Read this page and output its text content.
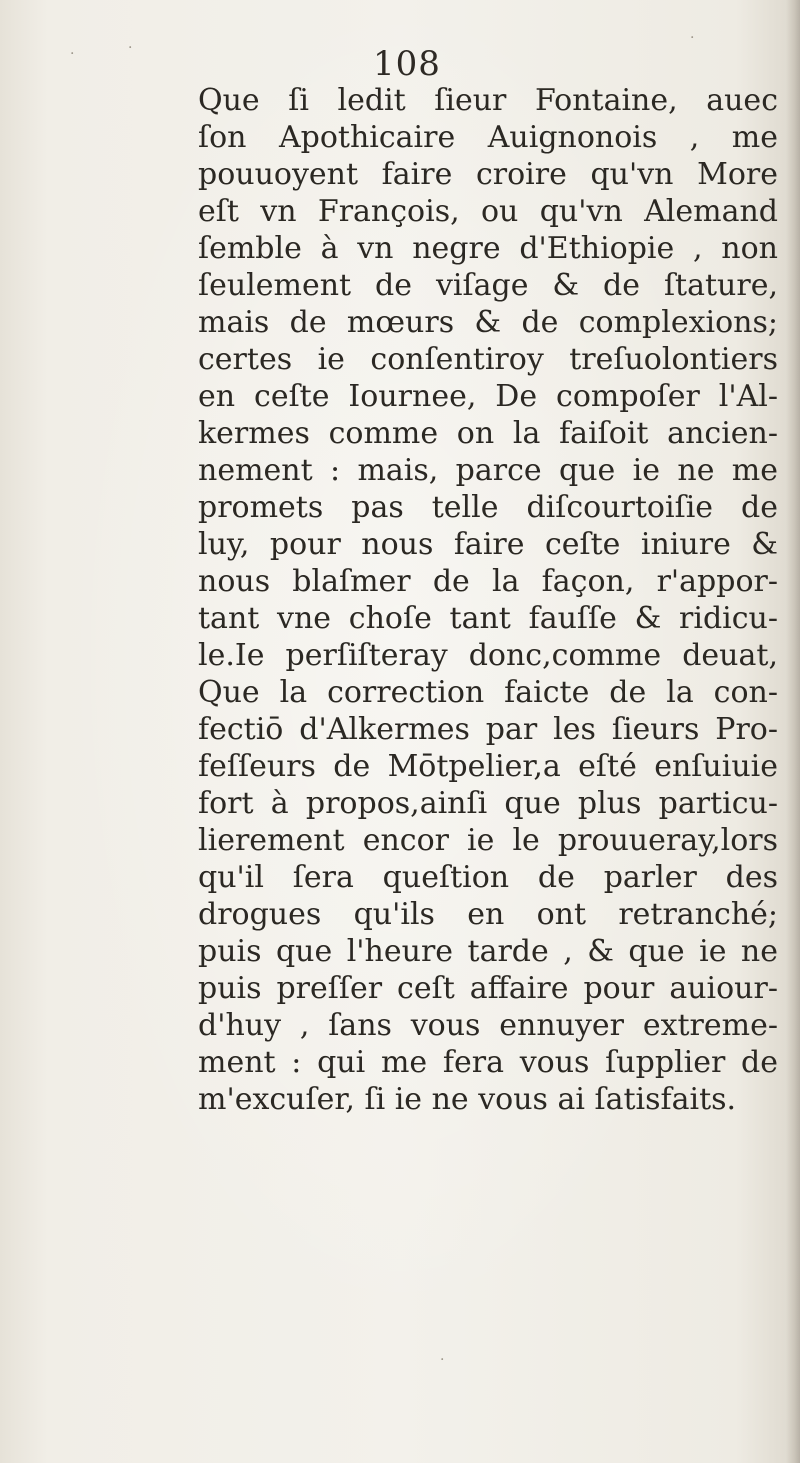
·	·
·
·
108
Que ſi ledit ſieur Fontaine, auec
ſon Apothicaire Auignonois , me
pouuoyent faire croire qu'vn More
eſt vn François, ou qu'vn Alemand
ſemble à vn negre d'Ethiopie , non
ſeulement de viſage & de ſtature,
mais de mœurs & de complexions;
certes ie conſentiroy treſuolontiers
en ceſte Iournee, De compoſer l'Al-
kermes comme on la faiſoit ancien-
nement : mais, parce que ie ne me
promets pas telle diſcourtoiſie de
luy, pour nous faire ceſte iniure &
nous blaſmer de la façon, r'appor-
tant vne choſe tant fauſſe & ridicu-
le.Ie perſiſteray donc,comme deuat,
Que la correction faicte de la con-
fectiō d'Alkermes par les ſieurs Pro-
feſſeurs de Mōtpelier,a eſté enſuiuie
fort à propos,ainſi que plus particu-
lierement encor ie le prouueray,lors
qu'il ſera queſtion de parler des
drogues qu'ils en ont retranché;
puis que l'heure tarde , & que ie ne
puis preſſer ceſt affaire pour auiour-
d'huy , ſans vous ennuyer extreme-
ment : qui me fera vous ſupplier de
m'excuſer, ſi ie ne vous ai ſatisfaits.
